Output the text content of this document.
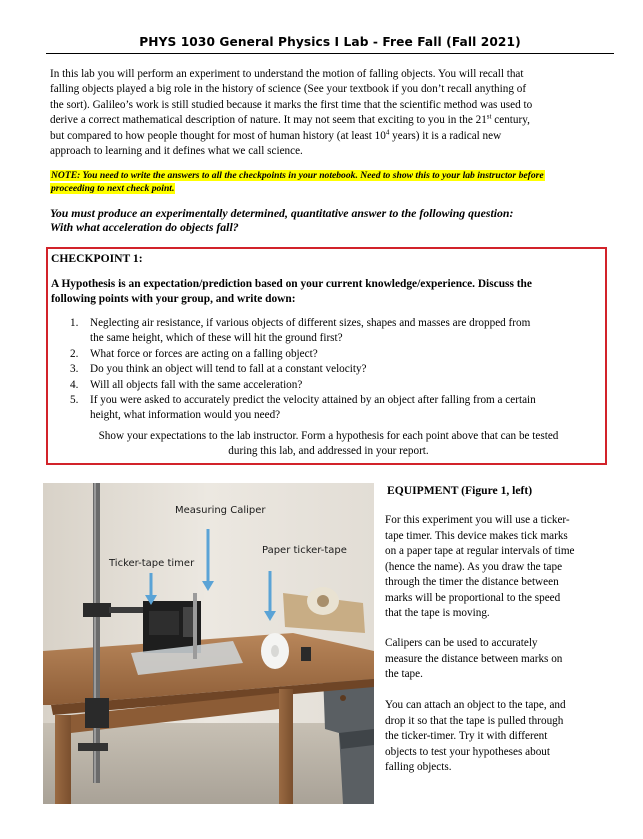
PHYS 1030 General Physics I Lab - Free Fall (Fall 2021)

In this lab you will perform an experiment to understand the motion of falling objects. You will recall that
falling objects played a big role in the history of science (See your textbook if you don’t recall anything of
the sort). Galileo’s work is still studied because it marks the first time that the scientific method was used to
derive a correct mathematical description of nature. It may not seem that exciting to you in the 21st century,
but compared to how people thought for most of human history (at least $10^4$ years) it is a radical new
approach to learning and it defines what we call science.

NOTE: You need to write the answers to all the checkpoints in your notebook. Need to show this to your lab instructor before
proceeding to next check point.

You must produce an experimentally determined, quantitative answer to the following question:
With what acceleration do objects fall?

CHECKPOINT 1:

A Hypothesis is an expectation/prediction based on your current knowledge/experience. Discuss the
following points with your group, and write down:

1. Neglecting air resistance, if various objects of different sizes, shapes and masses are dropped from
the same height, which of these will hit the ground first?
2. What force or forces are acting on a falling object?
3. Do you think an object will tend to fall at a constant velocity?
4. Will all objects fall with the same acceleration?
5. If you were asked to accurately predict the velocity attained by an object after falling from a certain
height, what information would you need?

Show your expectations to the lab instructor. Form a hypothesis for each point above that can be tested
during this lab, and addressed in your report.

Measuring Caliper
Paper ticker-tape
Ticker-tape timer
EQUIPMENT (Figure 1, left)

For this experiment you will use a ticker-
tape timer. This device makes tick marks
on a paper tape at regular intervals of time
(hence the name). As you draw the tape
through the timer the distance between
marks will be proportional to the speed
that the tape is moving.

Calipers can be used to accurately
measure the distance between marks on
the tape.

You can attach an object to the tape, and
drop it so that the tape is pulled through
the ticker-timer. Try it with different
objects to test your hypotheses about
falling objects.
